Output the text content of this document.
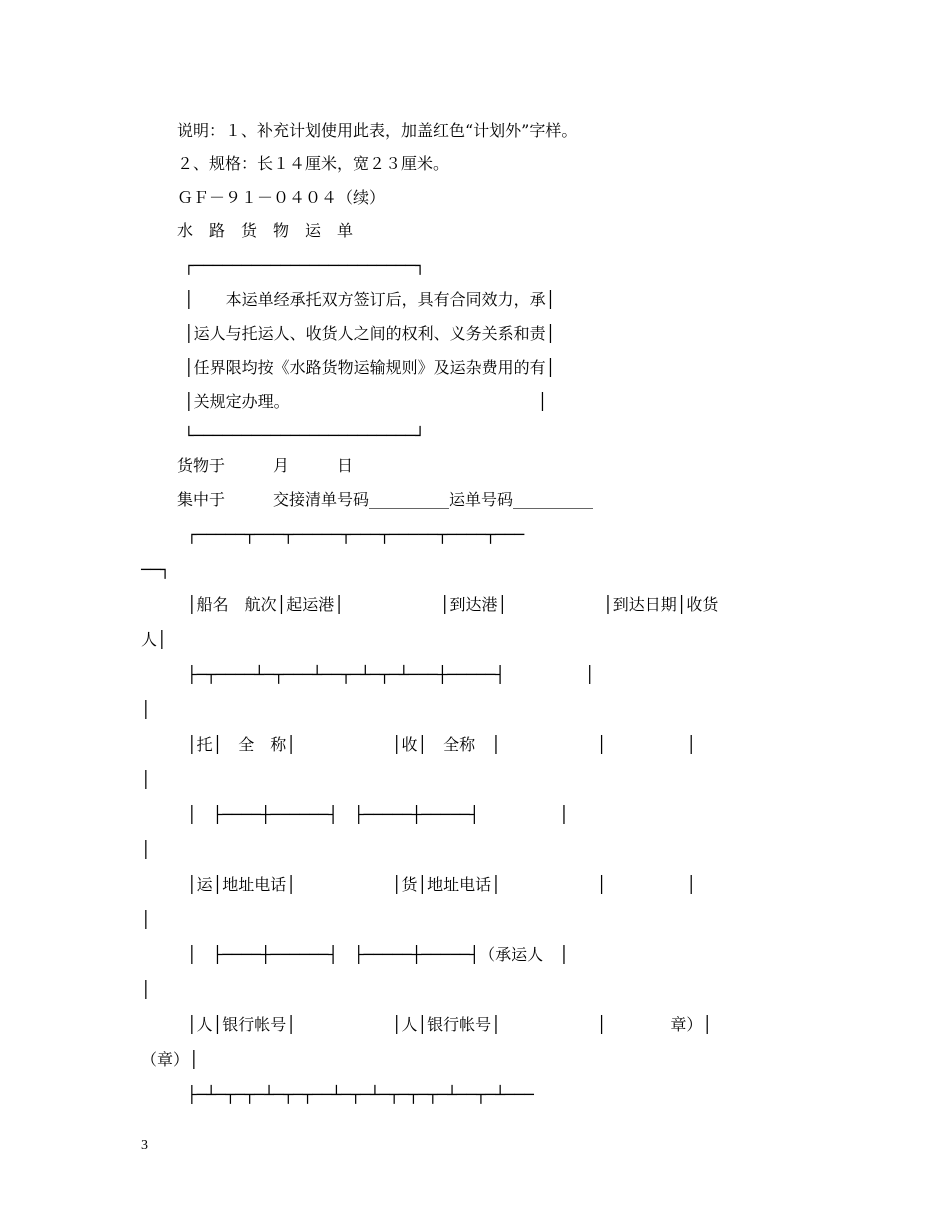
说明：１、补充计划使用此表，加盖红色“计划外”字样。
２、规格：长１４厘米，宽２３厘米。
ＧＦ－９１－０４０４（续）
水　路　货　物　运　单
┌───────────────────────┐
│　　本运单经承托双方签订后，具有合同效力，承│
│运人与托运人、收货人之间的权利、义务关系和责│
│任界限均按《水路货物运输规则》及运杂费用的有│
│关规定办理。　　　　　　　　　　　　　　　　│
└───────────────────────┘
货物于　　　月　　　日
集中于　　　交接清单号码__________运单号码__________
┌─────┬───┬─────┬───┬─────┬────┬───
──┐
│船名　航次│起运港│　　　　　　│到达港│　　　　　　│到达日期│收货
人│
├─┬────┴─┬───┴──┬─┴─┬─┴───┼─────┤　　　　　│
│
│托│　全　称│　　　　　　│收│　全称　│　　　　　　│　　　　　│
│
│　├────┼──────┤　├─────┼─────┤　　　　　│
│
│运│地址电话│　　　　　　│货│地址电话│　　　　　　│　　　　　│
│
│　├────┼──────┤　├─────┼─────┤（承运人　│
│
│人│银行帐号│　　　　　　│人│银行帐号│　　　　　　│　　　　章）│
（章）│
├─┴─┬─┬─┴─┬─┬──┴─┬─┴─┬─┬─┬─┴──┬─┴───
3
